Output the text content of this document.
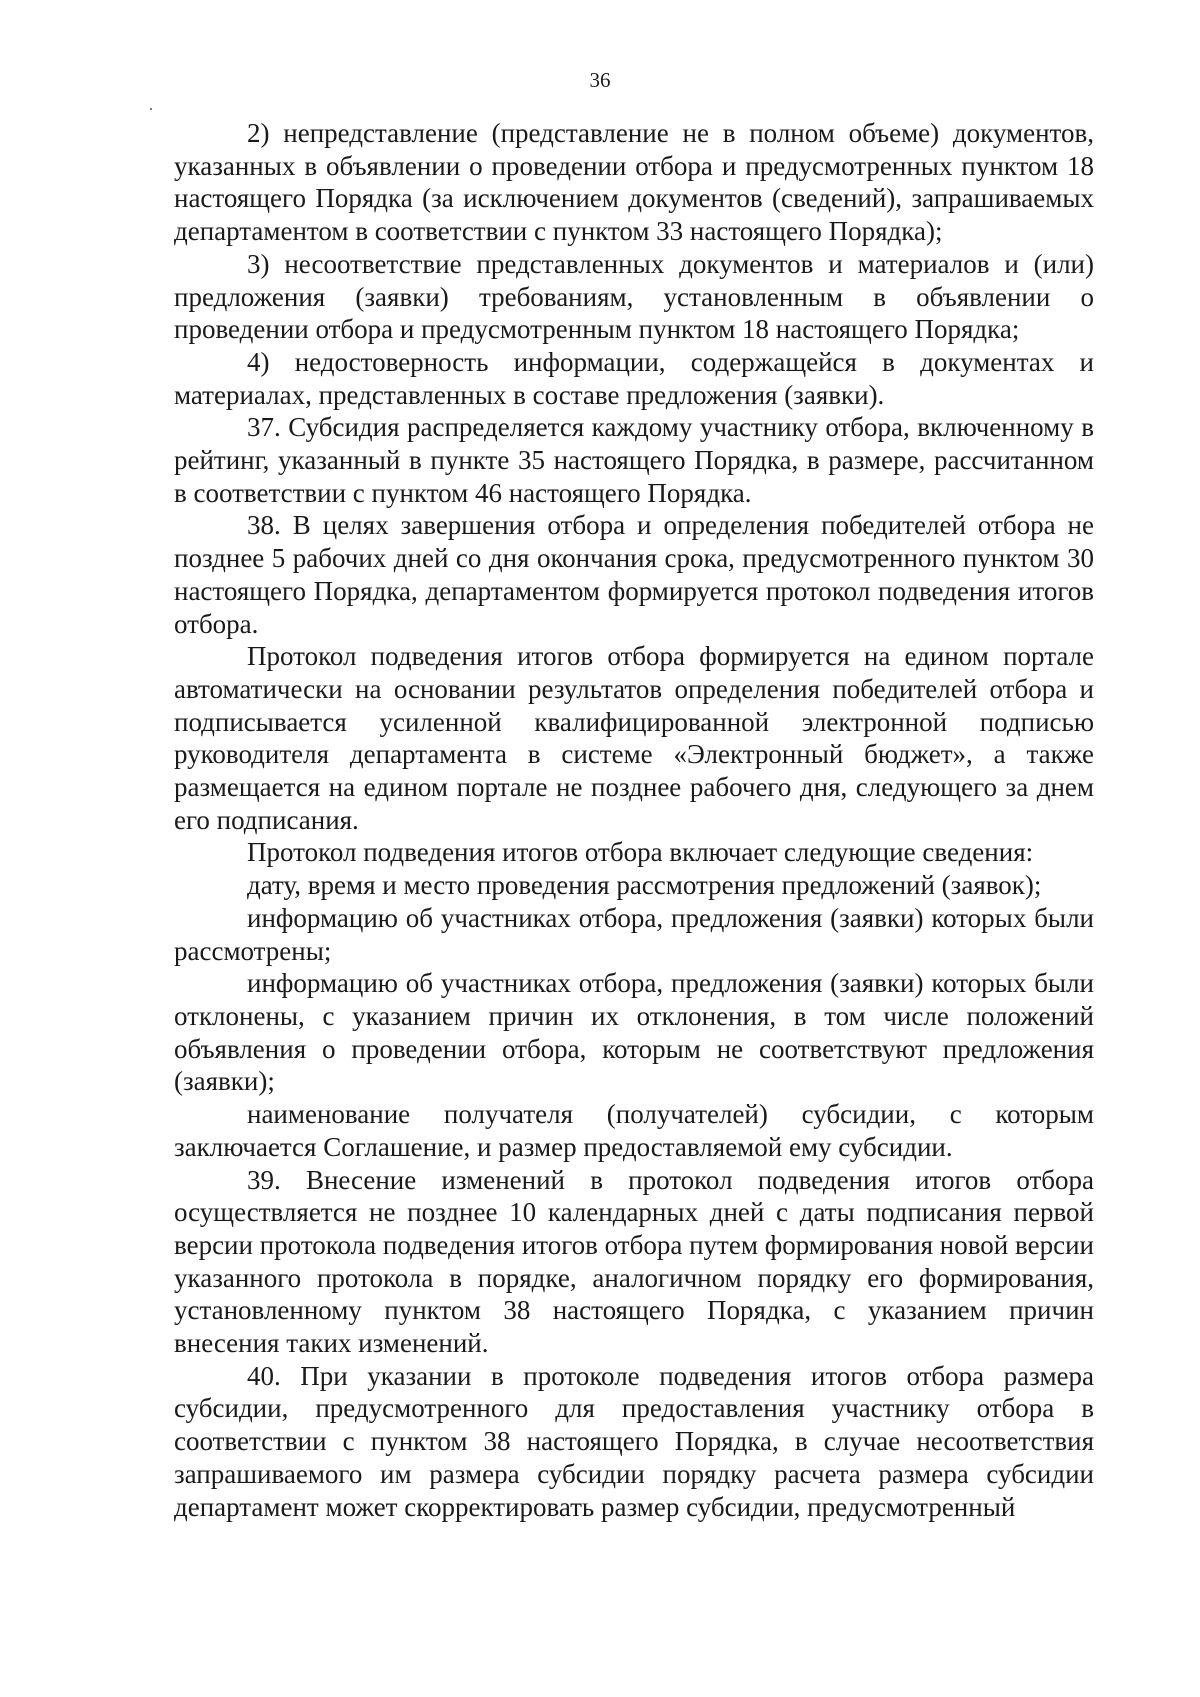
36

2) непредставление (представление не в полном объеме) документов, указанных в объявлении о проведении отбора и предусмотренных пунктом 18 настоящего Порядка (за исключением документов (сведений), запрашиваемых департаментом в соответствии с пунктом 33 настоящего Порядка);

3) несоответствие представленных документов и материалов и (или) предложения (заявки) требованиям, установленным в объявлении о проведении отбора и предусмотренным пунктом 18 настоящего Порядка;

4) недостоверность информации, содержащейся в документах и материалах, представленных в составе предложения (заявки).

37. Субсидия распределяется каждому участнику отбора, включенному в рейтинг, указанный в пункте 35 настоящего Порядка, в размере, рассчитанном в соответствии с пунктом 46 настоящего Порядка.

38. В целях завершения отбора и определения победителей отбора не позднее 5 рабочих дней со дня окончания срока, предусмотренного пунктом 30 настоящего Порядка, департаментом формируется протокол подведения итогов отбора.

Протокол подведения итогов отбора формируется на едином портале автоматически на основании результатов определения победителей отбора и подписывается усиленной квалифицированной электронной подписью руководителя департамента в системе «Электронный бюджет», а также размещается на едином портале не позднее рабочего дня, следующего за днем его подписания.

Протокол подведения итогов отбора включает следующие сведения:

дату, время и место проведения рассмотрения предложений (заявок);

информацию об участниках отбора, предложения (заявки) которых были рассмотрены;

информацию об участниках отбора, предложения (заявки) которых были отклонены, с указанием причин их отклонения, в том числе положений объявления о проведении отбора, которым не соответствуют предложения (заявки);

наименование получателя (получателей) субсидии, с которым заключается Соглашение, и размер предоставляемой ему субсидии.

39. Внесение изменений в протокол подведения итогов отбора осуществляется не позднее 10 календарных дней с даты подписания первой версии протокола подведения итогов отбора путем формирования новой версии указанного протокола в порядке, аналогичном порядку его формирования, установленному пунктом 38 настоящего Порядка, с указанием причин внесения таких изменений.

40. При указании в протоколе подведения итогов отбора размера субсидии, предусмотренного для предоставления участнику отбора в соответствии с пунктом 38 настоящего Порядка, в случае несоответствия запрашиваемого им размера субсидии порядку расчета размера субсидии департамент может скорректировать размер субсидии, предусмотренный
